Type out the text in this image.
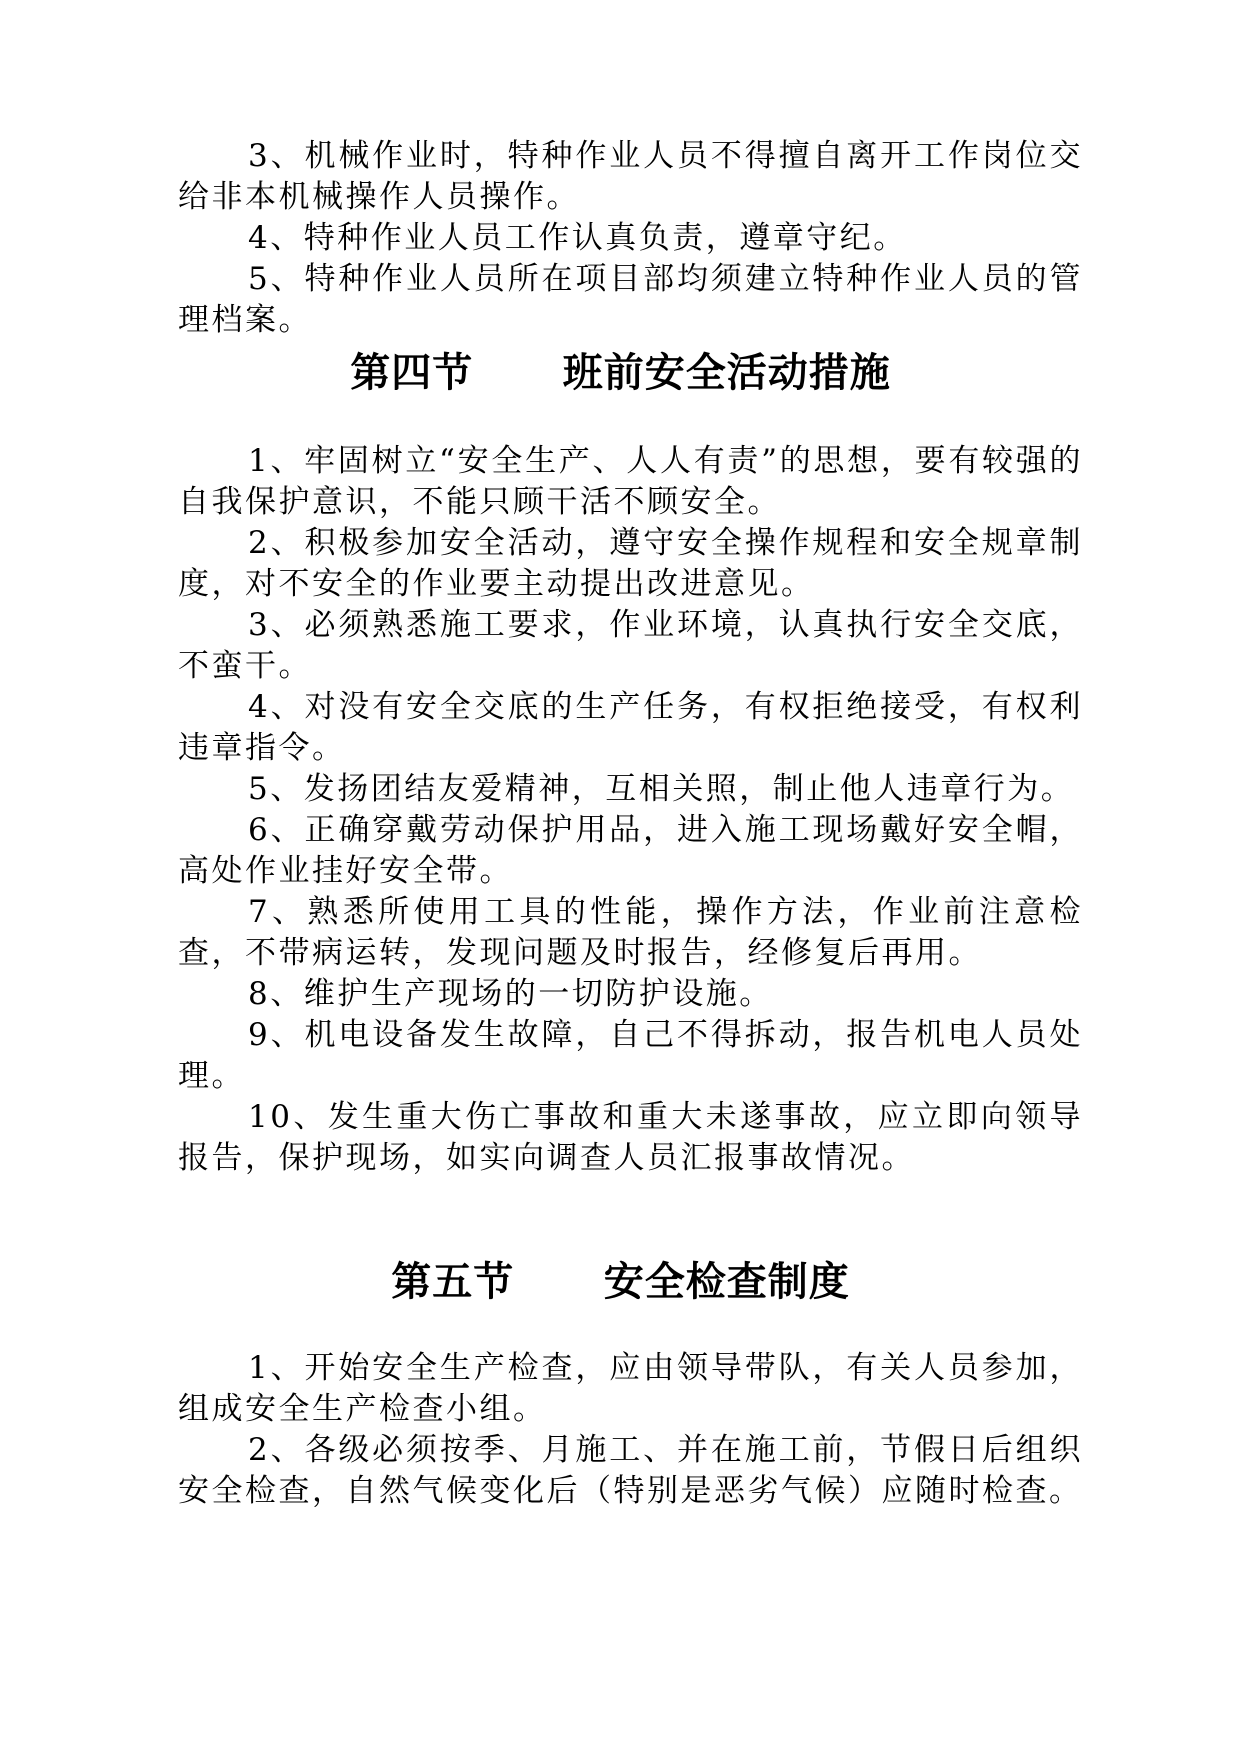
3、机械作业时，特种作业人员不得擅自离开工作岗位交给非本机械操作人员操作。

4、特种作业人员工作认真负责，遵章守纪。

5、特种作业人员所在项目部均须建立特种作业人员的管理档案。

第四节      班前安全活动措施

1、牢固树立“安全生产、人人有责”的思想，要有较强的自我保护意识，不能只顾干活不顾安全。

2、积极参加安全活动，遵守安全操作规程和安全规章制度，对不安全的作业要主动提出改进意见。

3、必须熟悉施工要求，作业环境，认真执行安全交底，不蛮干。

4、对没有安全交底的生产任务，有权拒绝接受，有权利违章指令。

5、发扬团结友爱精神，互相关照，制止他人违章行为。

6、正确穿戴劳动保护用品，进入施工现场戴好安全帽，高处作业挂好安全带。

7、熟悉所使用工具的性能，操作方法，作业前注意检查，不带病运转，发现问题及时报告，经修复后再用。

8、维护生产现场的一切防护设施。

9、机电设备发生故障，自己不得拆动，报告机电人员处理。

10、发生重大伤亡事故和重大未遂事故，应立即向领导报告，保护现场，如实向调查人员汇报事故情况。

第五节      安全检查制度

1、开始安全生产检查，应由领导带队，有关人员参加，组成安全生产检查小组。

2、各级必须按季、月施工、并在施工前，节假日后组织安全检查，自然气候变化后（特别是恶劣气候）应随时检查。
